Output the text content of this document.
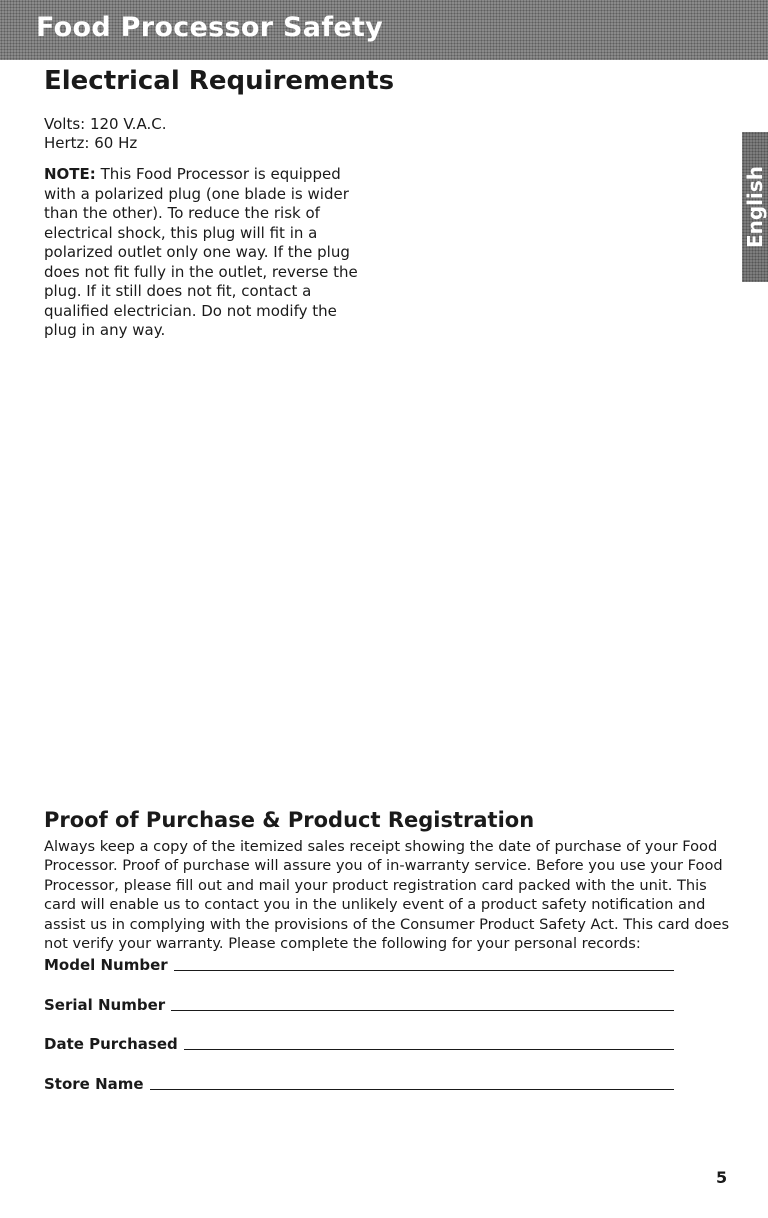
Food Processor Safety
Electrical Requirements
Volts: 120 V.A.C.
Hertz: 60 Hz
NOTE: This Food Processor is equipped with a polarized plug (one blade is wider than the other). To reduce the risk of electrical shock, this plug will fit in a polarized outlet only one way. If the plug does not fit fully in the outlet, reverse the plug. If it still does not fit, contact a qualified electrician. Do not modify the plug in any way.
English
Proof of Purchase & Product Registration
Always keep a copy of the itemized sales receipt showing the date of purchase of your Food Processor. Proof of purchase will assure you of in-warranty service. Before you use your Food Processor, please fill out and mail your product registration card packed with the unit. This card will enable us to contact you in the unlikely event of a product safety notification and assist us in complying with the provisions of the Consumer Product Safety Act. This card does not verify your warranty. Please complete the following for your personal records:
Model Number
Serial Number
Date Purchased
Store Name
5
